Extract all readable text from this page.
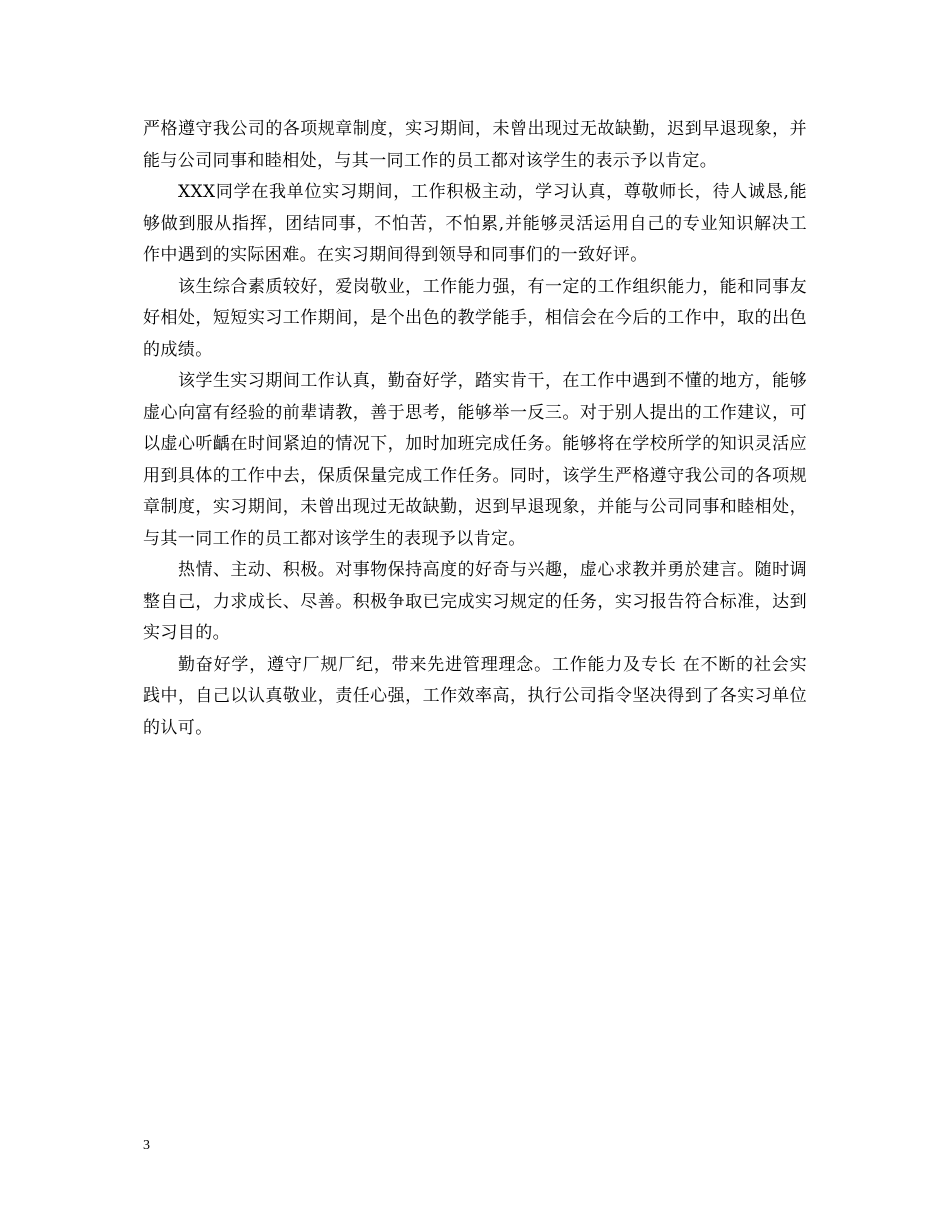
严格遵守我公司的各项规章制度，实习期间，未曾出现过无故缺勤，迟到早退现象，并能与公司同事和睦相处，与其一同工作的员工都对该学生的表示予以肯定。

XXX同学在我单位实习期间，工作积极主动，学习认真，尊敬师长，待人诚恳,能够做到服从指挥，团结同事，不怕苦，不怕累,并能够灵活运用自己的专业知识解决工作中遇到的实际困难。在实习期间得到领导和同事们的一致好评。

该生综合素质较好，爱岗敬业，工作能力强，有一定的工作组织能力，能和同事友好相处，短短实习工作期间，是个出色的教学能手，相信会在今后的工作中，取的出色的成绩。

该学生实习期间工作认真，勤奋好学，踏实肯干，在工作中遇到不懂的地方，能够虚心向富有经验的前辈请教，善于思考，能够举一反三。对于别人提出的工作建议，可以虚心听齲在时间紧迫的情况下，加时加班完成任务。能够将在学校所学的知识灵活应用到具体的工作中去，保质保量完成工作任务。同时，该学生严格遵守我公司的各项规章制度，实习期间，未曾出现过无故缺勤，迟到早退现象，并能与公司同事和睦相处，与其一同工作的员工都对该学生的表现予以肯定。

热情、主动、积极。对事物保持高度的好奇与兴趣，虚心求教并勇於建言。随时调整自己，力求成长、尽善。积极争取已完成实习规定的任务，实习报告符合标准，达到实习目的。

勤奋好学，遵守厂规厂纪，带来先进管理理念。工作能力及专长 在不断的社会实践中，自己以认真敬业，责任心强，工作效率高，执行公司指令坚决得到了各实习单位的认可。

3
